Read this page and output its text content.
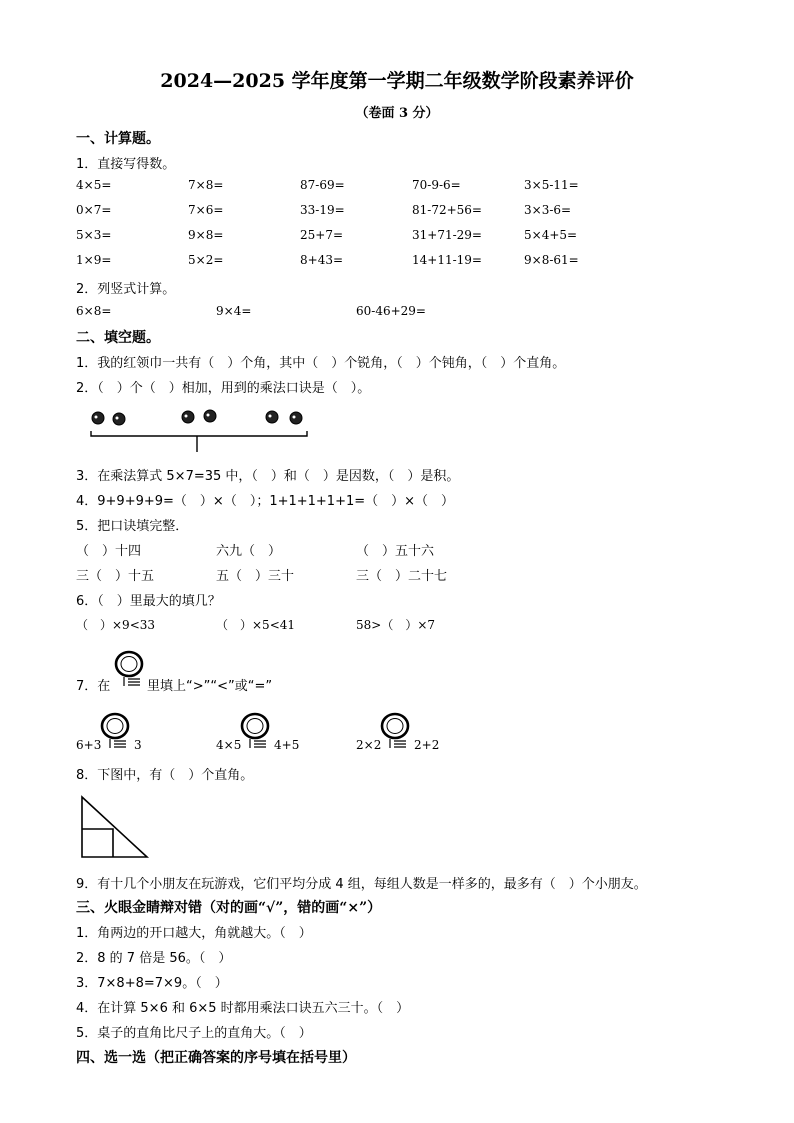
2024—2025 学年度第一学期二年级数学阶段素养评价
（卷面 3 分）
一、计算题。
1．直接写得数。
4×5=	7×8=	87-69=	70-9-6=	3×5-11=
0×7=	7×6=	33-19=	81-72+56=	3×3-6=
5×3=	9×8=	25+7=	31+71-29=	5×4+5=
1×9=	5×2=	8+43=	14+11-19=	9×8-61=
2．列竖式计算。
6×8=	9×4=	60-46+29=
二、填空题。
1．我的红领巾一共有（　）个角，其中（　）个锐角，（　）个钝角，（　）个直角。
2．（　）个（　）相加，用到的乘法口诀是（　）。
3．在乘法算式 5×7=35 中，（　）和（　）是因数，（　）是积。
4．9+9+9+9=（　）×（　）；1+1+1+1+1=（　）×（　）
5．把口诀填完整．
（　）十四	六九（　）	（　）五十六
三（　）十五	五（　）三十	三（　）二十七
6．（　）里最大的填几？
（　）×9<33	（　）×5<41	58>（　）×7
7．在	里填上“>”“<”或“=”
6+3	3	4×5	4+5	2×2	2+2
8．下图中，有（　）个直角。
9．有十几个小朋友在玩游戏，它们平均分成 4 组，每组人数是一样多的，最多有（　）个小朋友。
三、火眼金睛辩对错（对的画“√”，错的画“×”）
1．角两边的开口越大，角就越大。（　）
2．8 的 7 倍是 56。（　）
3．7×8+8=7×9。（　）
4．在计算 5×6 和 6×5 时都用乘法口诀五六三十。（　）
5．桌子的直角比尺子上的直角大。（　）
四、选一选（把正确答案的序号填在括号里）
